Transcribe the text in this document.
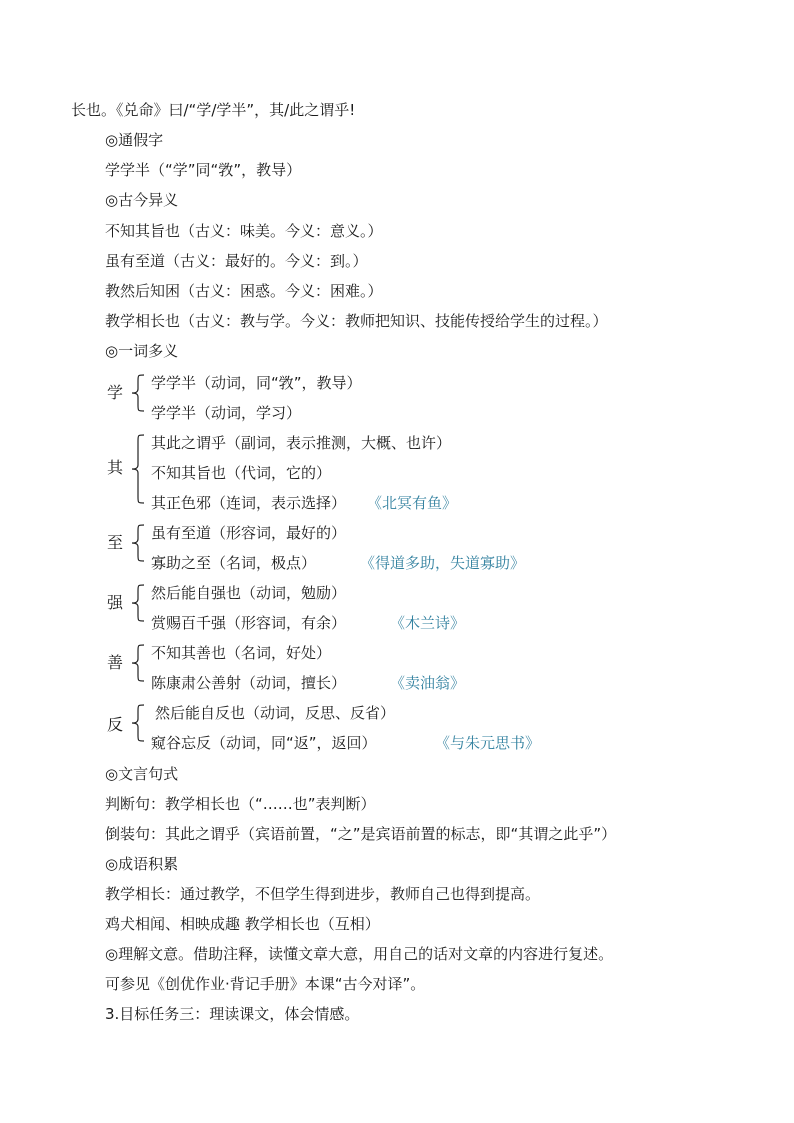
长也。《兑命》曰/“学/学半”，其/此之谓乎!
◎通假字
学学半（“学”同“敩”，教导）
◎古今异义
不知其旨也（古义：味美。今义：意义。）
虽有至道（古义：最好的。今义：到。）
教然后知困（古义：困惑。今义：困难。）
教学相长也（古义：教与学。今义：教师把知识、技能传授给学生的过程。）
◎一词多义
学 学学半（动词，同“敩”，教导）
学学半（动词，学习）
其
其此之谓乎（副词，表示推测，大概、也许）
不知其旨也（代词，它的）
其正色邪（连词，表示选择） 《北冥有鱼》
至 虽有至道（形容词，最好的）
寡助之至（名词，极点）	《得道多助，失道寡助》
强 然后能自强也（动词，勉励）
赏赐百千强（形容词，有余）	《木兰诗》
善 不知其善也（名词，好处）
陈康肃公善射（动词，擅长）	《卖油翁》
反
然后能自反也（动词，反思、反省）
窥谷忘反（动词，同“返”，返回）	《与朱元思书》
◎文言句式
判断句：教学相长也（“……也”表判断）
倒装句：其此之谓乎（宾语前置，“之”是宾语前置的标志，即“其谓之此乎”）
◎成语积累
教学相长：通过教学，不但学生得到进步，教师自己也得到提高。
鸡犬相闻、相映成趣 教学相长也（互相）
◎理解文意。借助注释，读懂文章大意，用自己的话对文章的内容进行复述。
可参见《创优作业·背记手册》本课“古今对译”。
3.目标任务三：理读课文，体会情感。
